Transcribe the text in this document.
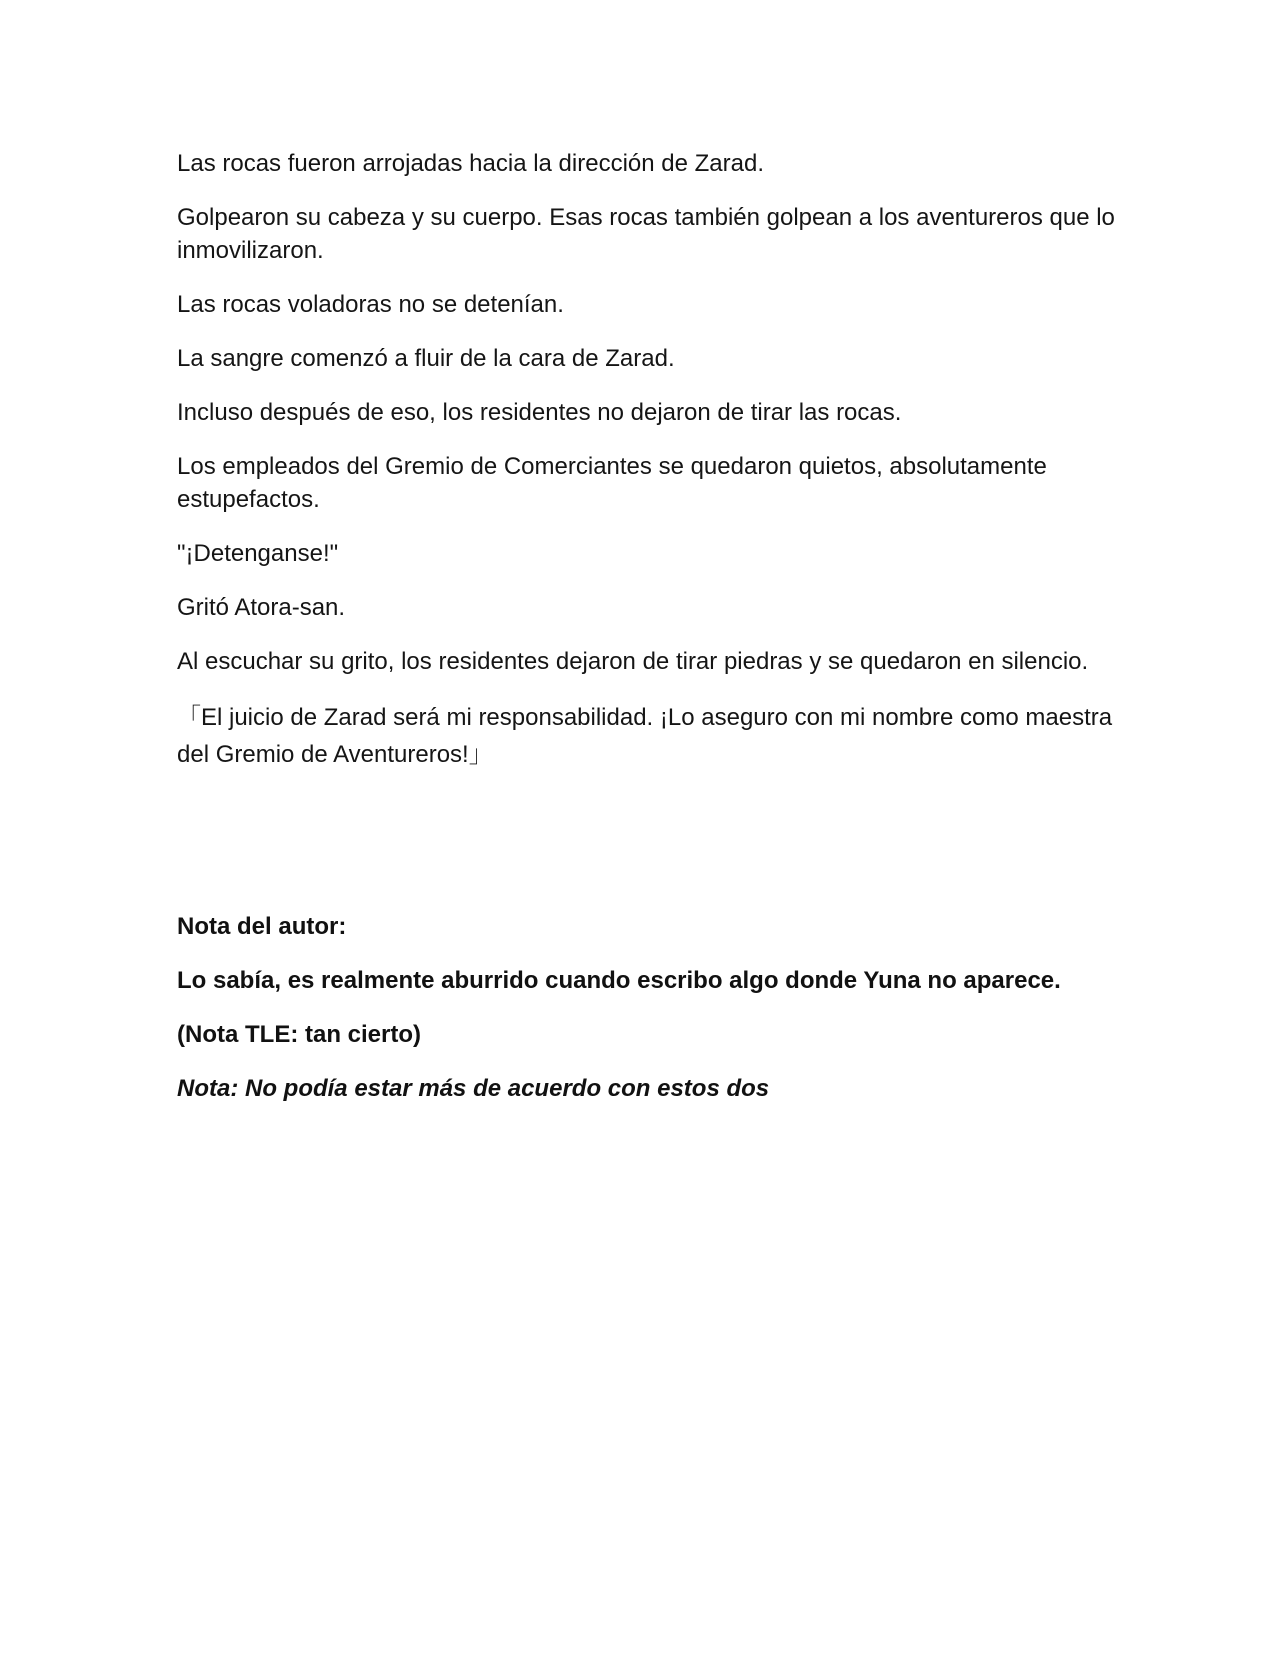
Las rocas fueron arrojadas hacia la dirección de Zarad.

Golpearon su cabeza y su cuerpo. Esas rocas también golpean a los aventureros que lo inmovilizaron.

Las rocas voladoras no se detenían.

La sangre comenzó a fluir de la cara de Zarad.

Incluso después de eso, los residentes no dejaron de tirar las rocas.

Los empleados del Gremio de Comerciantes se quedaron quietos, absolutamente estupefactos.

"¡Detenganse!"

Gritó Atora-san.

Al escuchar su grito, los residentes dejaron de tirar piedras y se quedaron en silencio.

「El juicio de Zarad será mi responsabilidad. ¡Lo aseguro con mi nombre como maestra del Gremio de Aventureros!」

Nota del autor:

Lo sabía, es realmente aburrido cuando escribo algo donde Yuna no aparece.

(Nota TLE: tan cierto)

Nota: No podía estar más de acuerdo con estos dos
